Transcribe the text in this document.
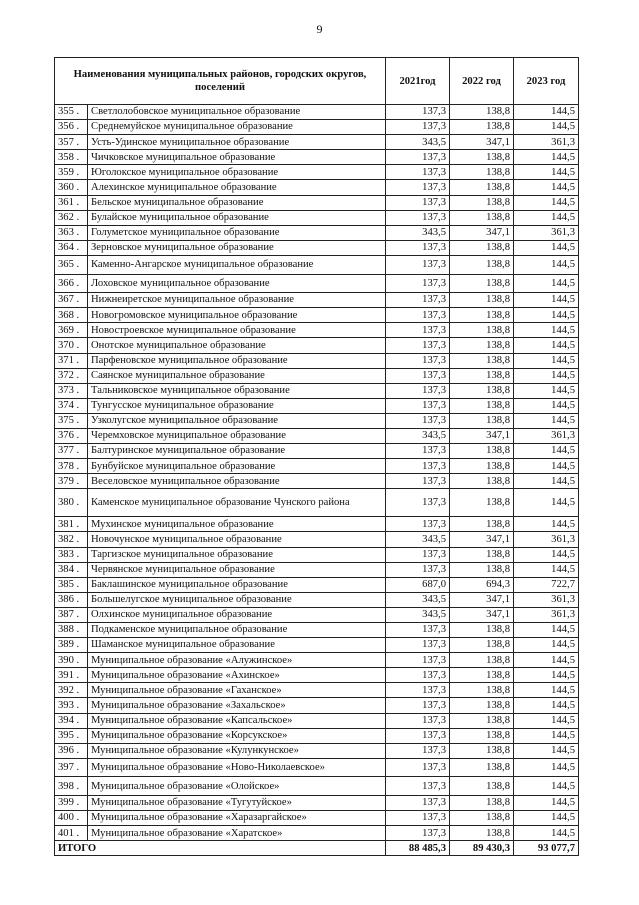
9
Наименования муниципальных районов, городских округов, поселений		2021год	2022 год	2023 год
355 .	Светлолобовское муниципальное образование	137,3	138,8	144,5
356 .	Среднемуйское муниципальное образование	137,3	138,8	144,5
357 .	Усть-Удинское муниципальное образование	343,5	347,1	361,3
358 .	Чичковское муниципальное образование	137,3	138,8	144,5
359 .	Юголокское муниципальное образование	137,3	138,8	144,5
360 .	Алехинское муниципальное образование	137,3	138,8	144,5
361 .	Бельское муниципальное образование	137,3	138,8	144,5
362 .	Булайское муниципальное образование	137,3	138,8	144,5
363 .	Голуметское муниципальное образование	343,5	347,1	361,3
364 .	Зерновское муниципальное образование	137,3	138,8	144,5
365 .	Каменно-Ангарское муниципальное образование	137,3	138,8	144,5
366 .	Лоховское муниципальное образование	137,3	138,8	144,5
367 .	Нижнеиретское муниципальное образование	137,3	138,8	144,5
368 .	Новогромовское муниципальное образование	137,3	138,8	144,5
369 .	Новостроевское муниципальное образование	137,3	138,8	144,5
370 .	Онотское муниципальное образование	137,3	138,8	144,5
371 .	Парфеновское муниципальное образование	137,3	138,8	144,5
372 .	Саянское муниципальное образование	137,3	138,8	144,5
373 .	Тальниковское муниципальное образование	137,3	138,8	144,5
374 .	Тунгусское муниципальное образование	137,3	138,8	144,5
375 .	Узколугское муниципальное образование	137,3	138,8	144,5
376 .	Черемховское муниципальное образование	343,5	347,1	361,3
377 .	Балтуринское муниципальное образование	137,3	138,8	144,5
378 .	Бунбуйское муниципальное образование	137,3	138,8	144,5
379 .	Веселовское муниципальное образование	137,3	138,8	144,5
380 .	Каменское муниципальное образование Чунского района	137,3	138,8	144,5
381 .	Мухинское муниципальное образование	137,3	138,8	144,5
382 .	Новочунское муниципальное образование	343,5	347,1	361,3
383 .	Таргизское муниципальное образование	137,3	138,8	144,5
384 .	Червянское муниципальное образование	137,3	138,8	144,5
385 .	Баклашинское муниципальное образование	687,0	694,3	722,7
386 .	Большелугское муниципальное образование	343,5	347,1	361,3
387 .	Олхинское муниципальное образование	343,5	347,1	361,3
388 .	Подкаменское муниципальное образование	137,3	138,8	144,5
389 .	Шаманское муниципальное образование	137,3	138,8	144,5
390 .	Муниципальное образование «Алужинское»	137,3	138,8	144,5
391 .	Муниципальное образование «Ахинское»	137,3	138,8	144,5
392 .	Муниципальное образование «Гаханское»	137,3	138,8	144,5
393 .	Муниципальное образование «Захальское»	137,3	138,8	144,5
394 .	Муниципальное образование «Капсальское»	137,3	138,8	144,5
395 .	Муниципальное образование «Корсукское»	137,3	138,8	144,5
396 .	Муниципальное образование «Кулункунское»	137,3	138,8	144,5
397 .	Муниципальное образование «Ново-Николаевское»	137,3	138,8	144,5
398 .	Муниципальное образование «Олойское»	137,3	138,8	144,5
399 .	Муниципальное образование «Тугутуйское»	137,3	138,8	144,5
400 .	Муниципальное образование «Харазаргайское»	137,3	138,8	144,5
401 .	Муниципальное образование «Харатское»	137,3	138,8	144,5
ИТОГО		88 485,3	89 430,3	93 077,7
